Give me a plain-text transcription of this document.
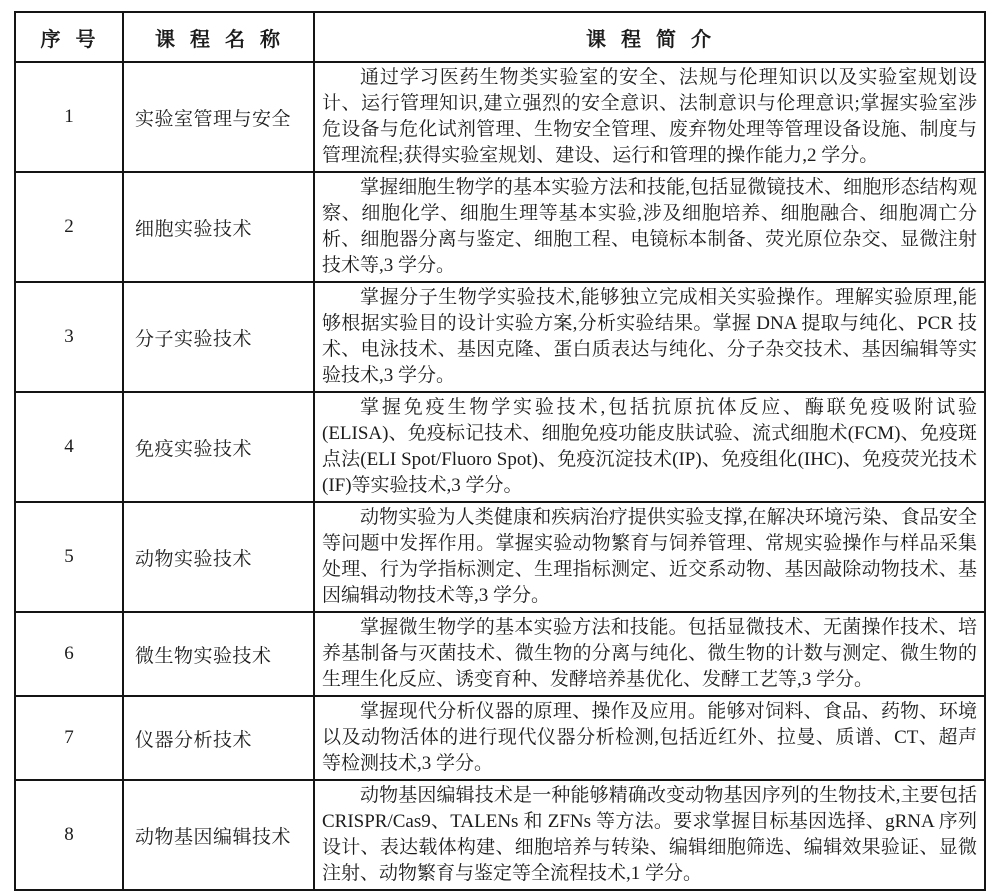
序 号	课 程 名 称	课 程 简 介
1	实验室管理与安全	通过学习医药生物类实验室的安全、法规与伦理知识以及实验室规划设计、运行管理知识,建立强烈的安全意识、法制意识与伦理意识;掌握实验室涉危设备与危化试剂管理、生物安全管理、废弃物处理等管理设备设施、制度与管理流程;获得实验室规划、建设、运行和管理的操作能力,2 学分。

2	细胞实验技术	掌握细胞生物学的基本实验方法和技能,包括显微镜技术、细胞形态结构观察、细胞化学、细胞生理等基本实验,涉及细胞培养、细胞融合、细胞凋亡分析、细胞器分离与鉴定、细胞工程、电镜标本制备、荧光原位杂交、显微注射技术等,3 学分。

3	分子实验技术	掌握分子生物学实验技术,能够独立完成相关实验操作。理解实验原理,能够根据实验目的设计实验方案,分析实验结果。掌握 DNA 提取与纯化、PCR 技术、电泳技术、基因克隆、蛋白质表达与纯化、分子杂交技术、基因编辑等实验技术,3 学分。

4	免疫实验技术	掌握免疫生物学实验技术,包括抗原抗体反应、酶联免疫吸附试验(ELISA)、免疫标记技术、细胞免疫功能皮肤试验、流式细胞术(FCM)、免疫斑点法(ELI Spot/Fluoro Spot)、免疫沉淀技术(IP)、免疫组化(IHC)、免疫荧光技术(IF)等实验技术,3 学分。

5	动物实验技术	动物实验为人类健康和疾病治疗提供实验支撑,在解决环境污染、食品安全等问题中发挥作用。掌握实验动物繁育与饲养管理、常规实验操作与样品采集处理、行为学指标测定、生理指标测定、近交系动物、基因敲除动物技术、基因编辑动物技术等,3 学分。

6	微生物实验技术	掌握微生物学的基本实验方法和技能。包括显微技术、无菌操作技术、培养基制备与灭菌技术、微生物的分离与纯化、微生物的计数与测定、微生物的生理生化反应、诱变育种、发酵培养基优化、发酵工艺等,3 学分。

7	仪器分析技术	掌握现代分析仪器的原理、操作及应用。能够对饲料、食品、药物、环境以及动物活体的进行现代仪器分析检测,包括近红外、拉曼、质谱、CT、超声等检测技术,3 学分。

8	动物基因编辑技术	动物基因编辑技术是一种能够精确改变动物基因序列的生物技术,主要包括 CRISPR/Cas9、TALENs 和 ZFNs 等方法。要求掌握目标基因选择、gRNA 序列设计、表达载体构建、细胞培养与转染、编辑细胞筛选、编辑效果验证、显微注射、动物繁育与鉴定等全流程技术,1 学分。
